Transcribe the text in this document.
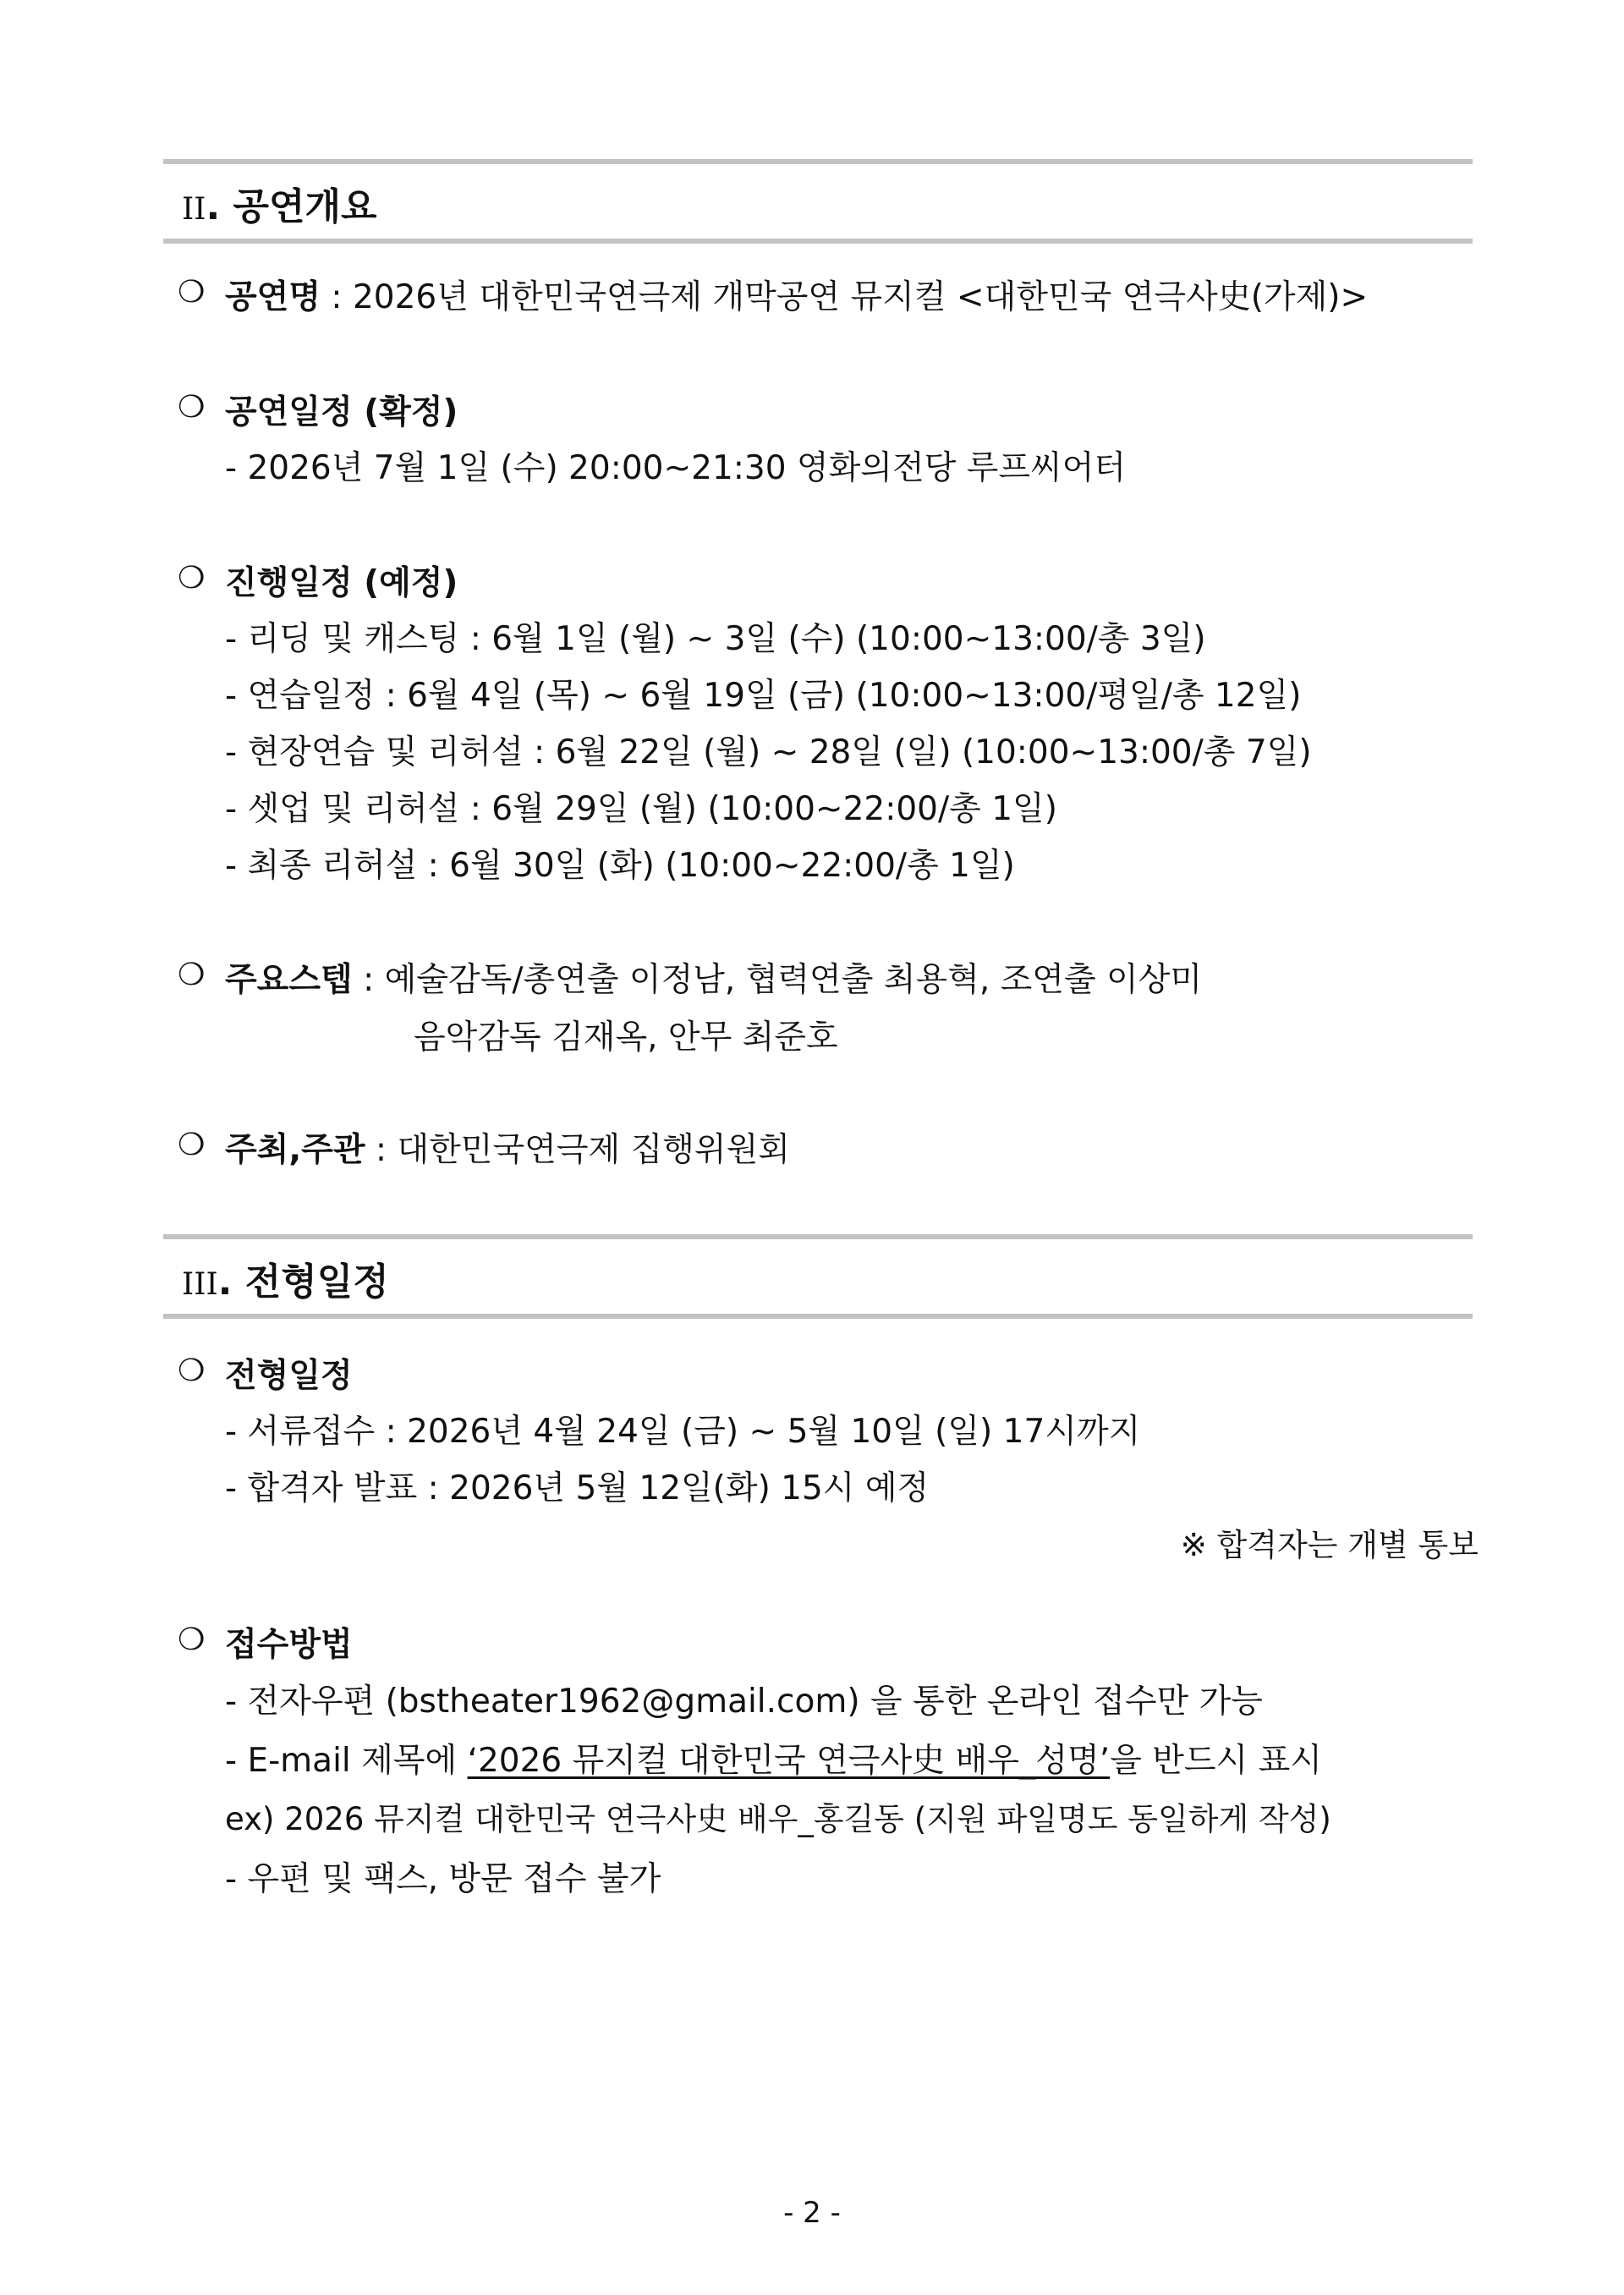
II. 공연개요
❍ 공연명 : 2026년 대한민국연극제 개막공연 뮤지컬 <대한민국 연극사史(가제)>
❍ 공연일정 (확정)
- 2026년 7월 1일 (수) 20:00~21:30 영화의전당 루프씨어터
❍ 진행일정 (예정)
- 리딩 및 캐스팅 : 6월 1일 (월) ~ 3일 (수) (10:00~13:00/총 3일)
- 연습일정 : 6월 4일 (목) ~ 6월 19일 (금) (10:00~13:00/평일/총 12일)
- 현장연습 및 리허설 : 6월 22일 (월) ~ 28일 (일) (10:00~13:00/총 7일)
- 셋업 및 리허설 : 6월 29일 (월) (10:00~22:00/총 1일)
- 최종 리허설 : 6월 30일 (화) (10:00~22:00/총 1일)
❍ 주요스텝 : 예술감독/총연출 이정남, 협력연출 최용혁, 조연출 이상미
음악감독 김재옥, 안무 최준호
❍ 주최,주관 : 대한민국연극제 집행위원회
III. 전형일정
❍ 전형일정
- 서류접수 : 2026년 4월 24일 (금) ~ 5월 10일 (일) 17시까지
- 합격자 발표 : 2026년 5월 12일(화) 15시 예정
※ 합격자는 개별 통보
❍ 접수방법
- 전자우편 (bstheater1962@gmail.com) 을 통한 온라인 접수만 가능
- E-mail 제목에 ‘2026 뮤지컬 대한민국 연극사史 배우_성명’을 반드시 표시
ex) 2026 뮤지컬 대한민국 연극사史 배우_홍길동 (지원 파일명도 동일하게 작성)
- 우편 및 팩스, 방문 접수 불가
- 2 -
